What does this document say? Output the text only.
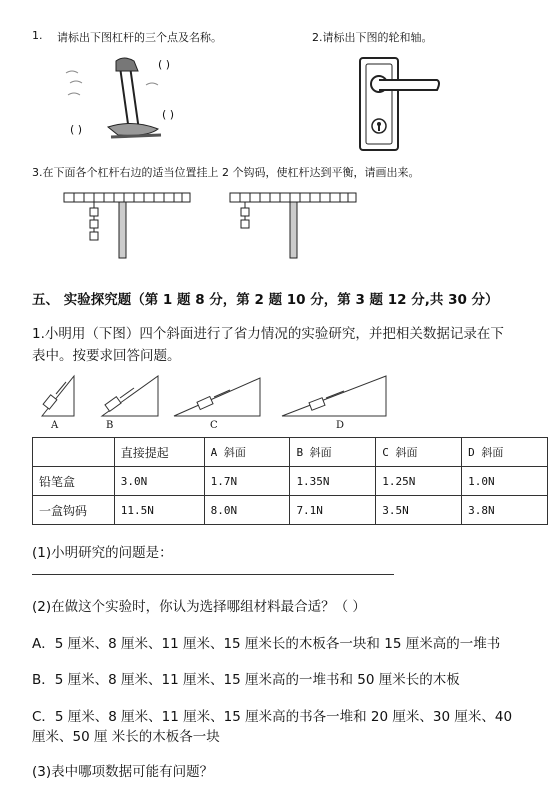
1. 请标出下图杠杆的三个点及名称。	2.请标出下图的轮和轴。
( )
( )
( )
3.在下面各个杠杆右边的适当位置挂上 2 个钩码，使杠杆达到平衡，请画出来。
五、 实验探究题（第 1 题 8 分，第 2 题 10 分，第 3 题 12 分,共 30 分）
1.小明用（下图）四个斜面进行了省力情况的实验研究，并把相关数据记录在下
表中。按要求回答问题。
A	B	C	D
	直接提起	A 斜面	B 斜面	C 斜面	D 斜面
铅笔盒	3.0N	1.7N	1.35N	1.25N	1.0N
一盒钩码	11.5N	8.0N	7.1N	3.5N	3.8N
(1)小明研究的问题是：
(2)在做这个实验时，你认为选择哪组材料最合适？（ ）
A．5 厘米、8 厘米、11 厘米、15 厘米长的木板各一块和 15 厘米高的一堆书
B．5 厘米、8 厘米、11 厘米、15 厘米高的一堆书和 50 厘米长的木板
C．5 厘米、8 厘米、11 厘米、15 厘米高的书各一堆和 20 厘米、30 厘米、40
厘米、50 厘 米长的木板各一块
(3)表中哪项数据可能有问题？
